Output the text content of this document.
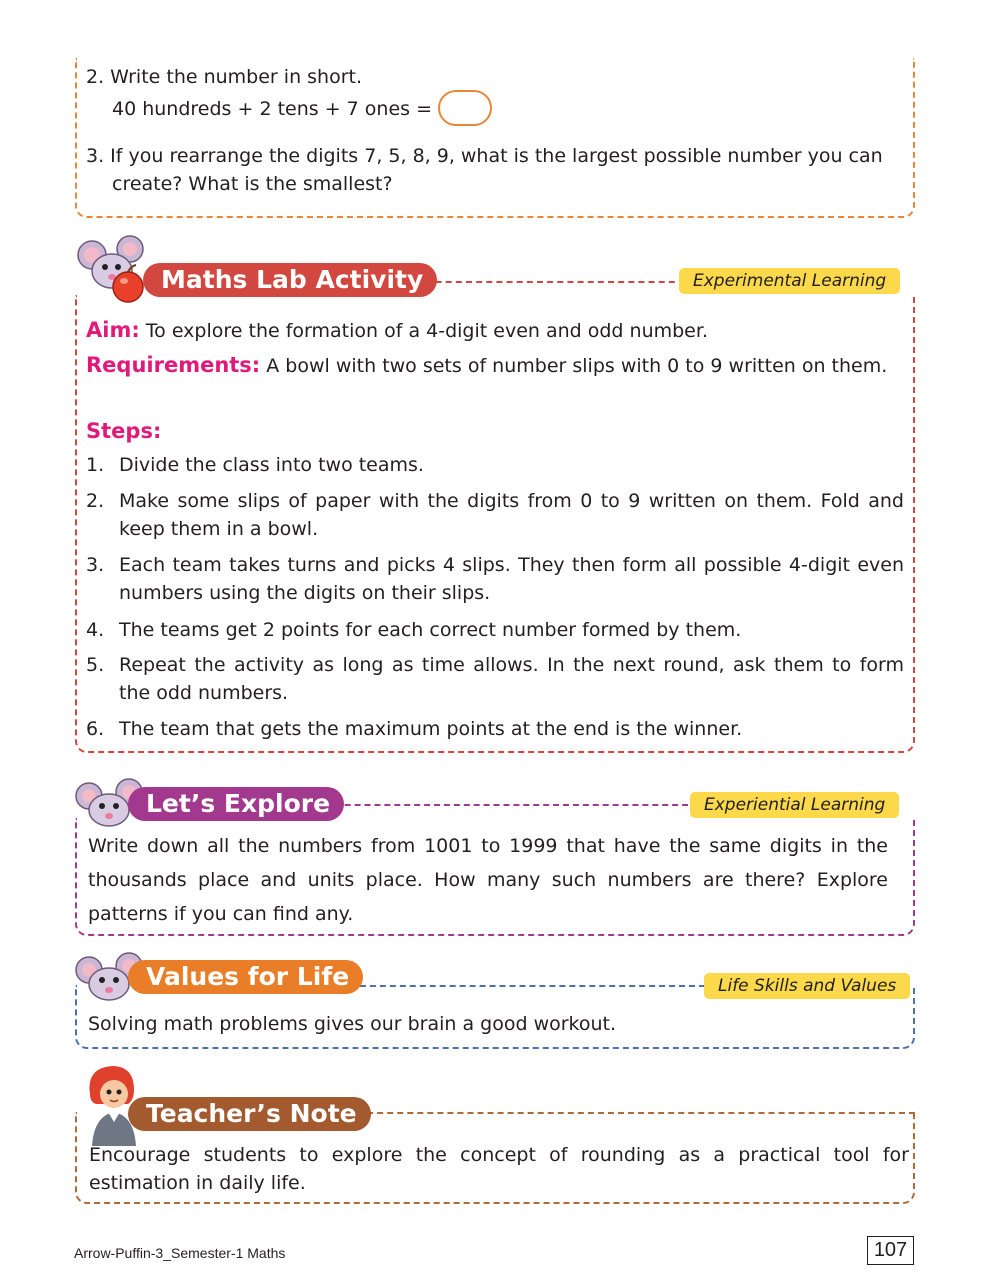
2. Write the number in short.
40 hundreds + 2 tens + 7 ones =
3. If you rearrange the digits 7, 5, 8, 9, what is the largest possible number you can create? What is the smallest?
Maths Lab Activity	Experimental Learning
Aim: To explore the formation of a 4-digit even and odd number.
Requirements: A bowl with two sets of number slips with 0 to 9 written on them.
Steps:
1. Divide the class into two teams.
2. Make some slips of paper with the digits from 0 to 9 written on them. Fold and keep them in a bowl.
3. Each team takes turns and picks 4 slips. They then form all possible 4-digit even numbers using the digits on their slips.
4. The teams get 2 points for each correct number formed by them.
5. Repeat the activity as long as time allows. In the next round, ask them to form the odd numbers.
6. The team that gets the maximum points at the end is the winner.
Let’s Explore	Experiential Learning
Write down all the numbers from 1001 to 1999 that have the same digits in the thousands place and units place. How many such numbers are there? Explore patterns if you can find any.
Values for Life	Life Skills and Values
Solving math problems gives our brain a good workout.
Teacher’s Note
Encourage students to explore the concept of rounding as a practical tool for estimation in daily life.
Arrow-Puffin-3_Semester-1 Maths	107
